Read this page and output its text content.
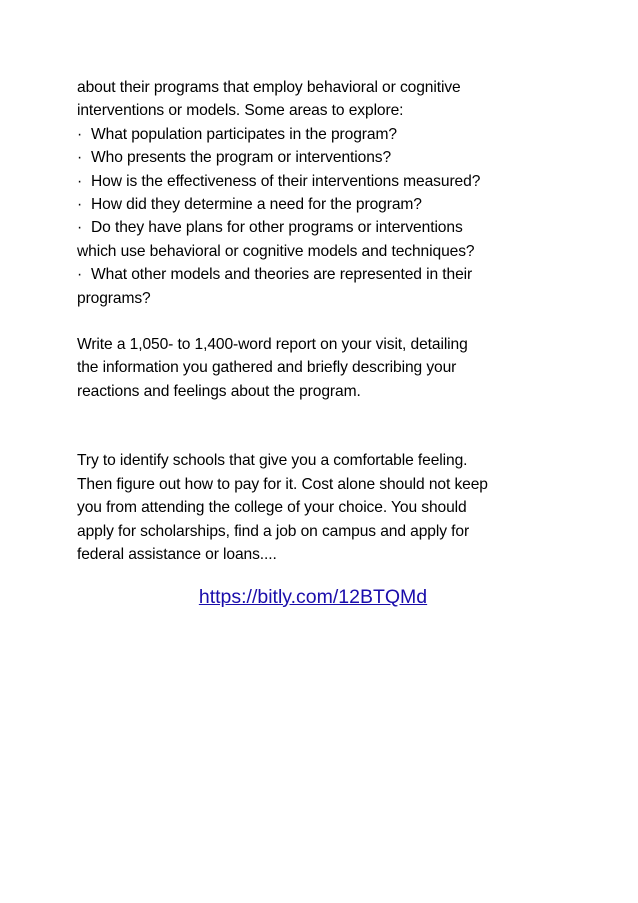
about their programs that employ behavioral or cognitive
interventions or models. Some areas to explore:
· What population participates in the program?
· Who presents the program or interventions?
· How is the effectiveness of their interventions measured?
· How did they determine a need for the program?
· Do they have plans for other programs or interventions
which use behavioral or cognitive models and techniques?
· What other models and theories are represented in their
programs?
Write a 1,050- to 1,400-word report on your visit, detailing
the information you gathered and briefly describing your
reactions and feelings about the program.
Try to identify schools that give you a comfortable feeling.
Then figure out how to pay for it. Cost alone should not keep
you from attending the college of your choice. You should
apply for scholarships, find a job on campus and apply for
federal assistance or loans....
https://bitly.com/12BTQMd
